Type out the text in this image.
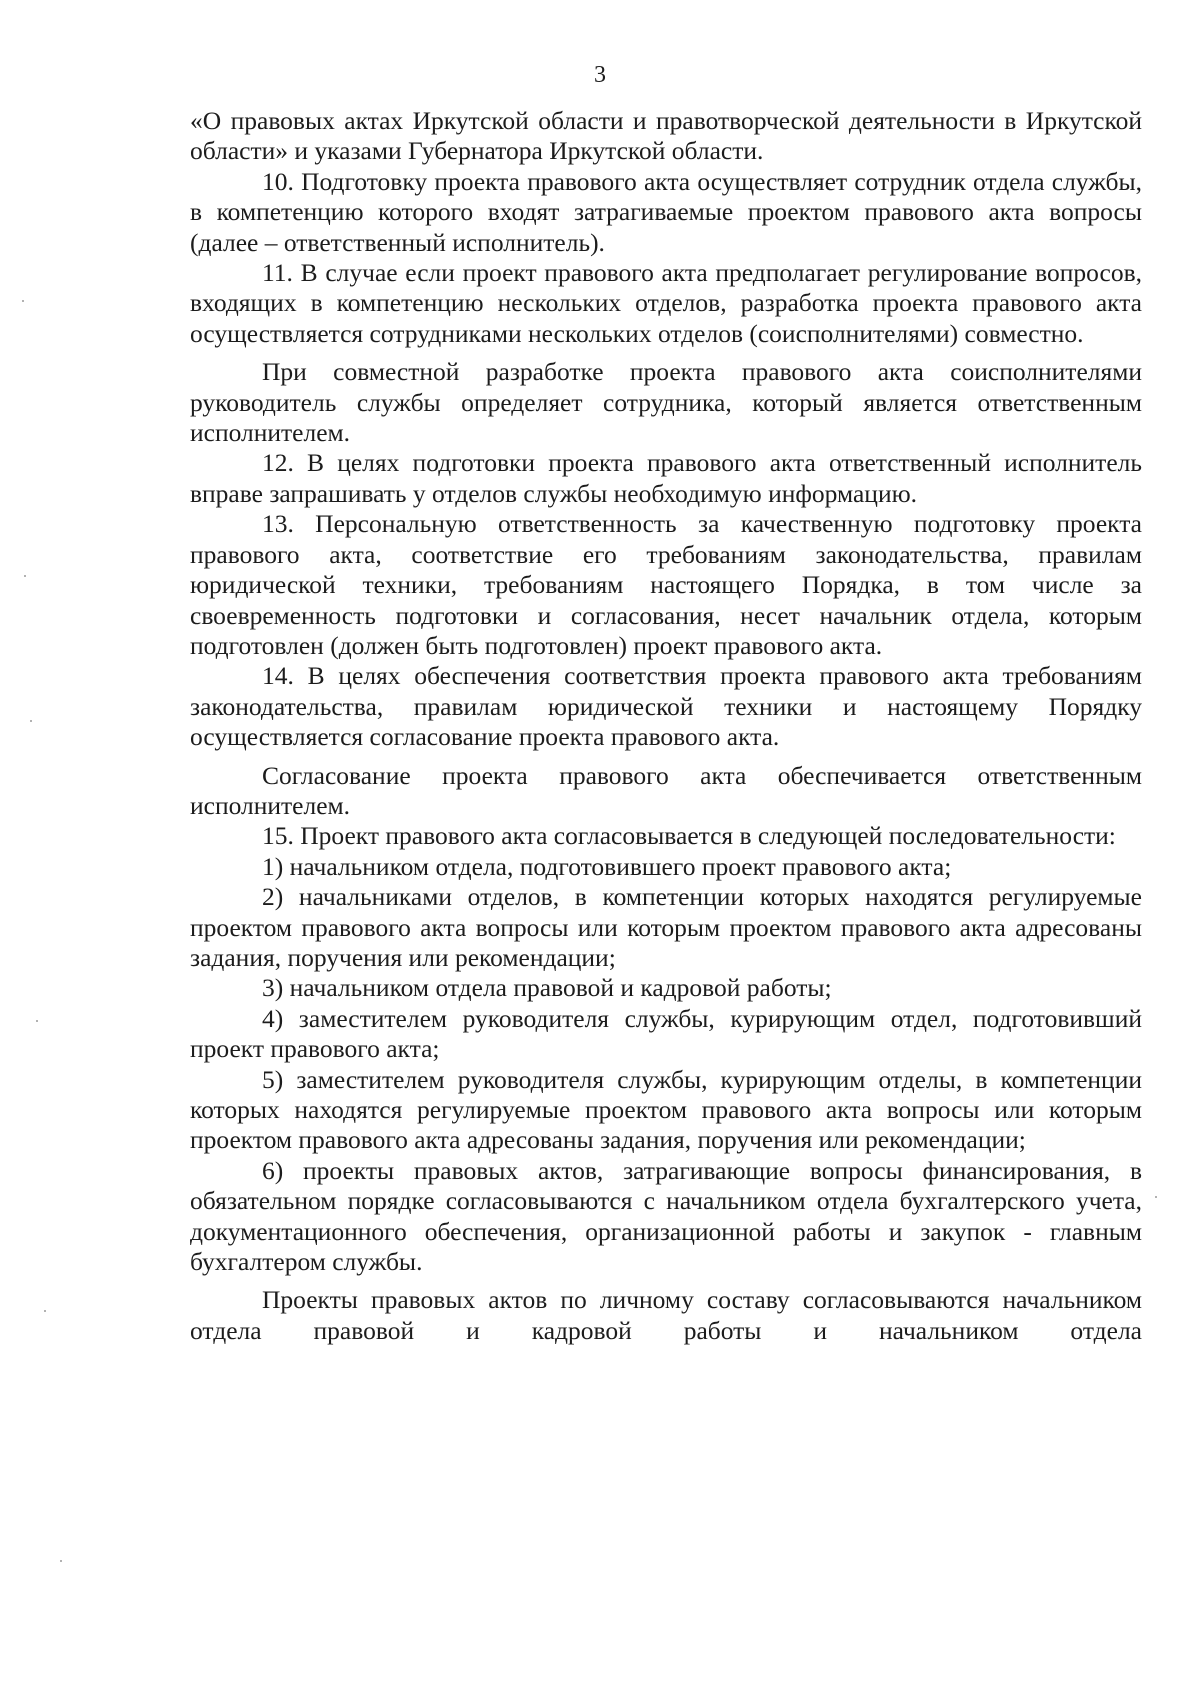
3

«О правовых актах Иркутской области и правотворческой деятельности в Иркутской области» и указами Губернатора Иркутской области.

10. Подготовку проекта правового акта осуществляет сотрудник отдела службы, в компетенцию которого входят затрагиваемые проектом правового акта вопросы (далее – ответственный исполнитель).

11. В случае если проект правового акта предполагает регулирование вопросов, входящих в компетенцию нескольких отделов, разработка проекта правового акта осуществляется сотрудниками нескольких отделов (соисполнителями) совместно.

При совместной разработке проекта правового акта соисполнителями руководитель службы определяет сотрудника, который является ответственным исполнителем.

12. В целях подготовки проекта правового акта ответственный исполнитель вправе запрашивать у отделов службы необходимую информацию.

13. Персональную ответственность за качественную подготовку проекта правового акта, соответствие его требованиям законодательства, правилам юридической техники, требованиям настоящего Порядка, в том числе за своевременность подготовки и согласования, несет начальник отдела, которым подготовлен (должен быть подготовлен) проект правового акта.

14. В целях обеспечения соответствия проекта правового акта требованиям законодательства, правилам юридической техники и настоящему Порядку осуществляется согласование проекта правового акта.

Согласование проекта правового акта обеспечивается ответственным исполнителем.

15. Проект правового акта согласовывается в следующей последовательности:

1) начальником отдела, подготовившего проект правового акта;

2) начальниками отделов, в компетенции которых находятся регулируемые проектом правового акта вопросы или которым проектом правового акта адресованы задания, поручения или рекомендации;

3) начальником отдела правовой и кадровой работы;

4) заместителем руководителя службы, курирующим отдел, подготовивший проект правового акта;

5) заместителем руководителя службы, курирующим отделы, в компетенции которых находятся регулируемые проектом правового акта вопросы или которым проектом правового акта адресованы задания, поручения или рекомендации;

6) проекты правовых актов, затрагивающие вопросы финансирования, в обязательном порядке согласовываются с начальником отдела бухгалтерского учета, документационного обеспечения, организационной работы и закупок - главным бухгалтером службы.

Проекты правовых актов по личному составу согласовываются начальником отдела правовой и кадровой работы и начальником отдела
